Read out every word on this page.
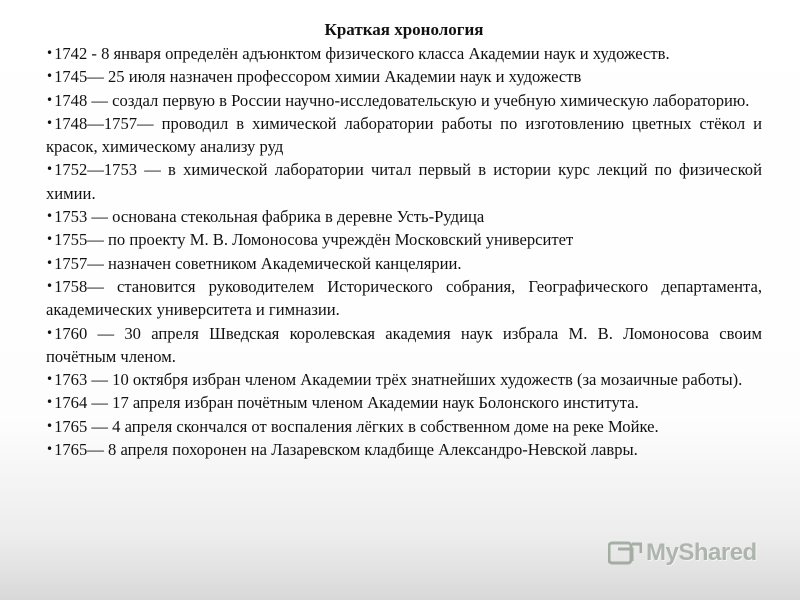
Краткая хронология
•1742 - 8 января определён адъюнктом физического класса Академии наук и художеств.
•1745— 25 июля назначен профессором химии Академии наук и художеств
•1748 — создал первую в России научно-исследовательскую и учебную химическую лабораторию.
•1748—1757— проводил в химической лаборатории работы по изготовлению цветных стёкол и красок, химическому анализу руд
•1752—1753 — в химической лаборатории читал первый в истории курс лекций по физической химии.
•1753 — основана стекольная фабрика в деревне Усть-Рудица
•1755— по проекту М. В. Ломоносова учреждён Московский университет
•1757— назначен советником Академической канцелярии.
•1758— становится руководителем Исторического собрания, Географического департамента, академических университета и гимназии.
•1760 — 30 апреля Шведская королевская академия наук избрала М. В. Ломоносова своим почётным членом.
•1763 — 10 октября избран членом Академии трёх знатнейших художеств (за мозаичные работы).
•1764 — 17 апреля избран почётным членом Академии наук Болонского института.
•1765 — 4 апреля скончался от воспаления лёгких в собственном доме на реке Мойке.
•1765— 8 апреля похоронен на Лазаревском кладбище Александро-Невской лавры.
MyShared
